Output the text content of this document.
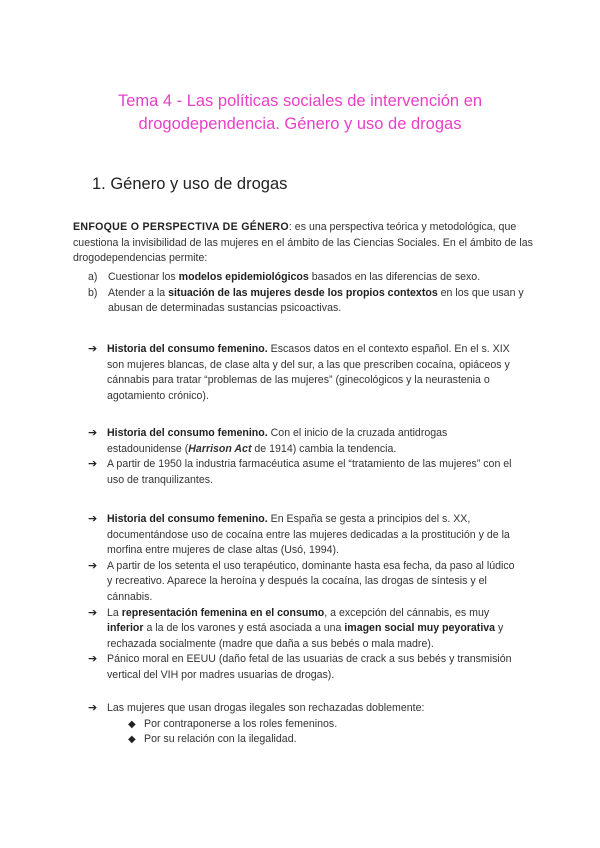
Tema 4 - Las políticas sociales de intervención en
drogodependencia. Género y uso de drogas
1. Género y uso de drogas
ENFOQUE O PERSPECTIVA DE GÉNERO: es una perspectiva teórica y metodológica, que cuestiona la invisibilidad de las mujeres en el ámbito de las Ciencias Sociales. En el ámbito de las drogodependencias permite:
a) Cuestionar los modelos epidemiológicos basados en las diferencias de sexo.
b) Atender a la situación de las mujeres desde los propios contextos en los que usan y abusan de determinadas sustancias psicoactivas.
➔ Historia del consumo femenino. Escasos datos en el contexto español. En el s. XIX son mujeres blancas, de clase alta y del sur, a las que prescriben cocaína, opiáceos y cánnabis para tratar “problemas de las mujeres” (ginecológicos y la neurastenia o agotamiento crónico).
➔ Historia del consumo femenino. Con el inicio de la cruzada antidrogas estadounidense (Harrison Act de 1914) cambia la tendencia.
➔ A partir de 1950 la industria farmacéutica asume el “tratamiento de las mujeres” con el uso de tranquilizantes.
➔ Historia del consumo femenino. En España se gesta a principios del s. XX, documentándose uso de cocaína entre las mujeres dedicadas a la prostitución y de la morfina entre mujeres de clase altas (Usó, 1994).
➔ A partir de los setenta el uso terapéutico, dominante hasta esa fecha, da paso al lúdico y recreativo. Aparece la heroína y después la cocaína, las drogas de síntesis y el cánnabis.
➔ La representación femenina en el consumo, a excepción del cánnabis, es muy inferior a la de los varones y está asociada a una imagen social muy peyorativa y rechazada socialmente (madre que daña a sus bebés o mala madre).
➔ Pánico moral en EEUU (daño fetal de las usuarias de crack a sus bebés y transmisión vertical del VIH por madres usuarias de drogas).
➔ Las mujeres que usan drogas ilegales son rechazadas doblemente:
◆ Por contraponerse a los roles femeninos.
◆ Por su relación con la ilegalidad.
